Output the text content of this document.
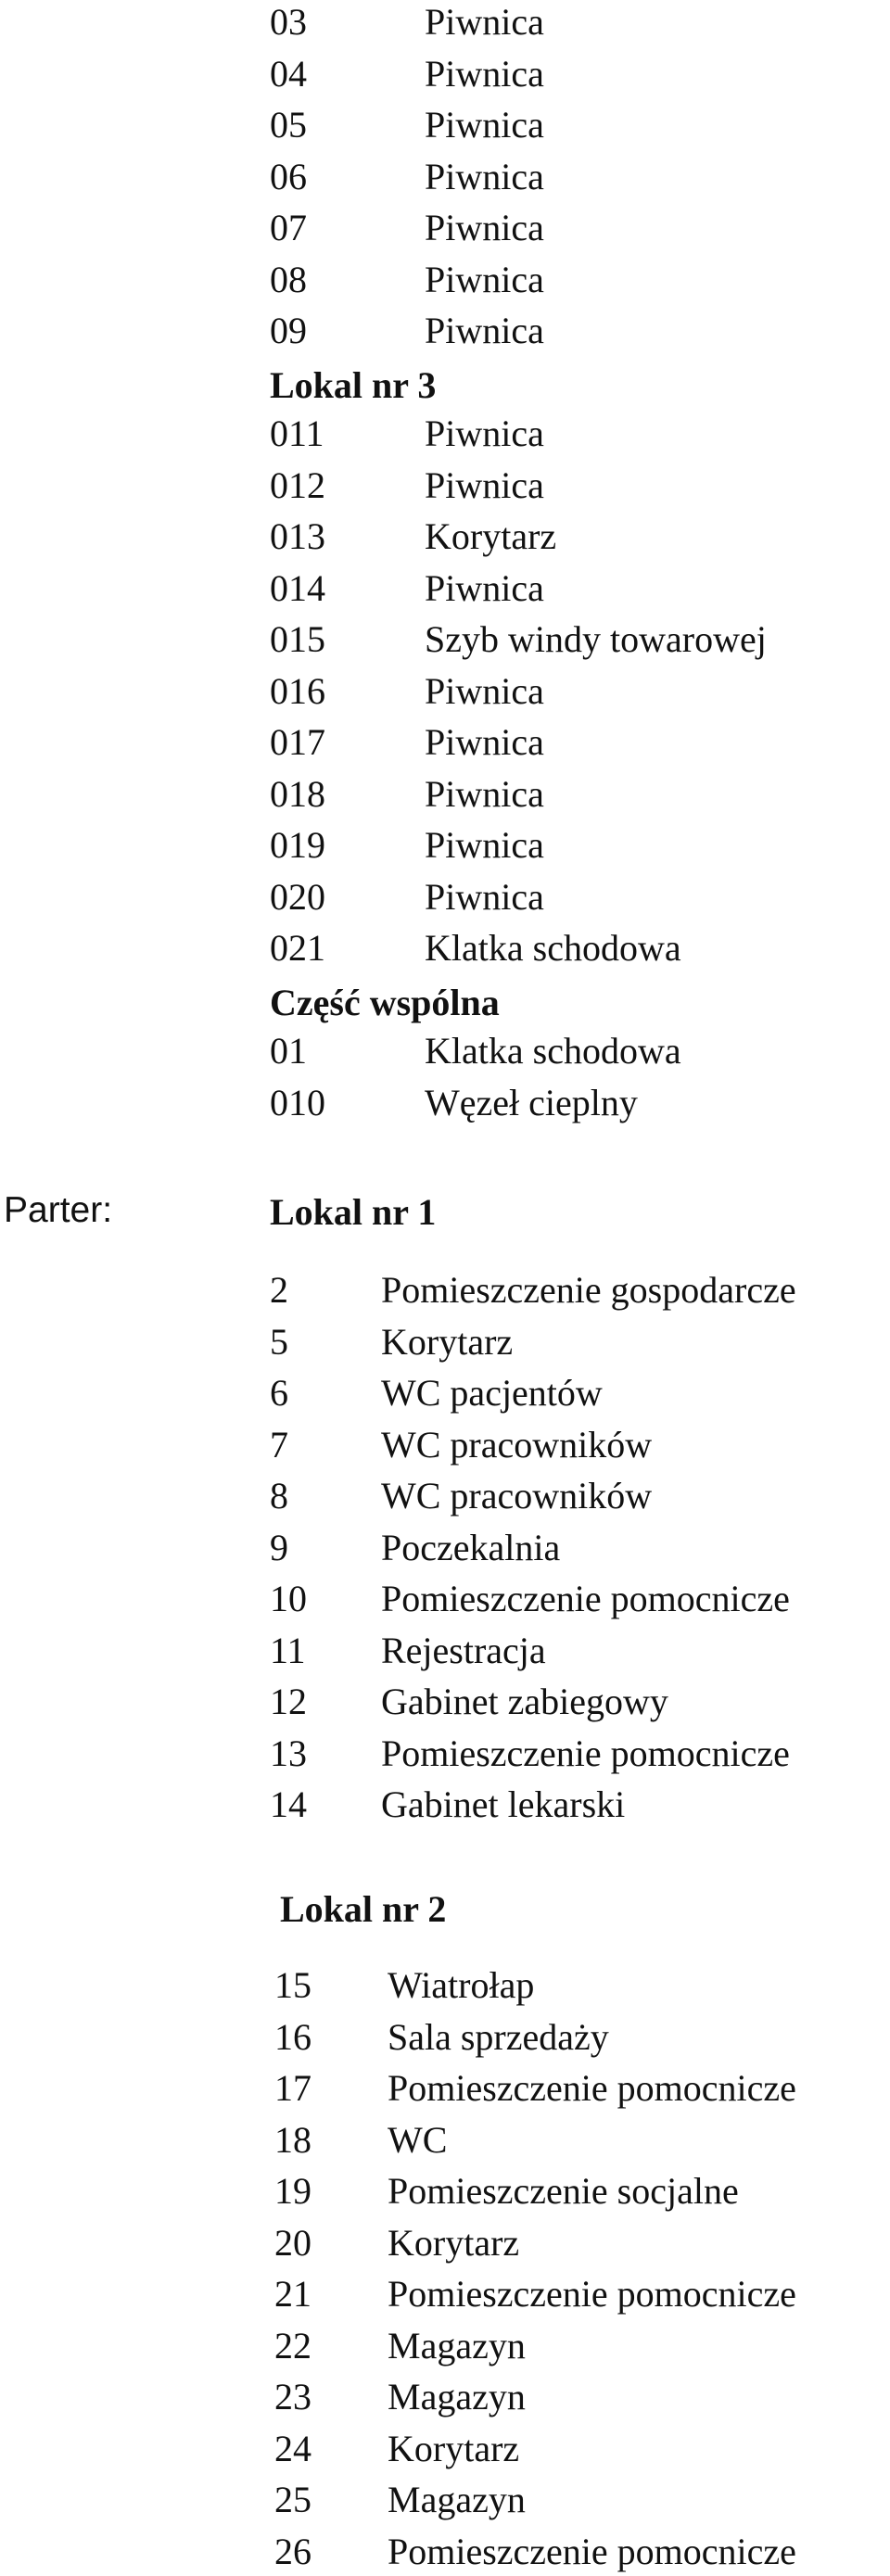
03	Piwnica
04	Piwnica
05	Piwnica
06	Piwnica
07	Piwnica
08	Piwnica
09	Piwnica
Lokal nr 3
011	Piwnica
012	Piwnica
013	Korytarz
014	Piwnica
015	Szyb windy towarowej
016	Piwnica
017	Piwnica
018	Piwnica
019	Piwnica
020	Piwnica
021	Klatka schodowa
Część wspólna
01	Klatka schodowa
010	Węzeł cieplny
Parter:	Lokal nr 1
2	Pomieszczenie gospodarcze
5	Korytarz
6	WC pacjentów
7	WC pracowników
8	WC pracowników
9	Poczekalnia
10 Pomieszczenie pomocnicze
11 Rejestracja
12 Gabinet zabiegowy
13 Pomieszczenie pomocnicze
14 Gabinet lekarski
Lokal nr 2
15 Wiatrołap
16 Sala sprzedaży
17 Pomieszczenie pomocnicze
18 WC
19 Pomieszczenie socjalne
20 Korytarz
21 Pomieszczenie pomocnicze
22 Magazyn
23 Magazyn
24 Korytarz
25 Magazyn
26 Pomieszczenie pomocnicze
